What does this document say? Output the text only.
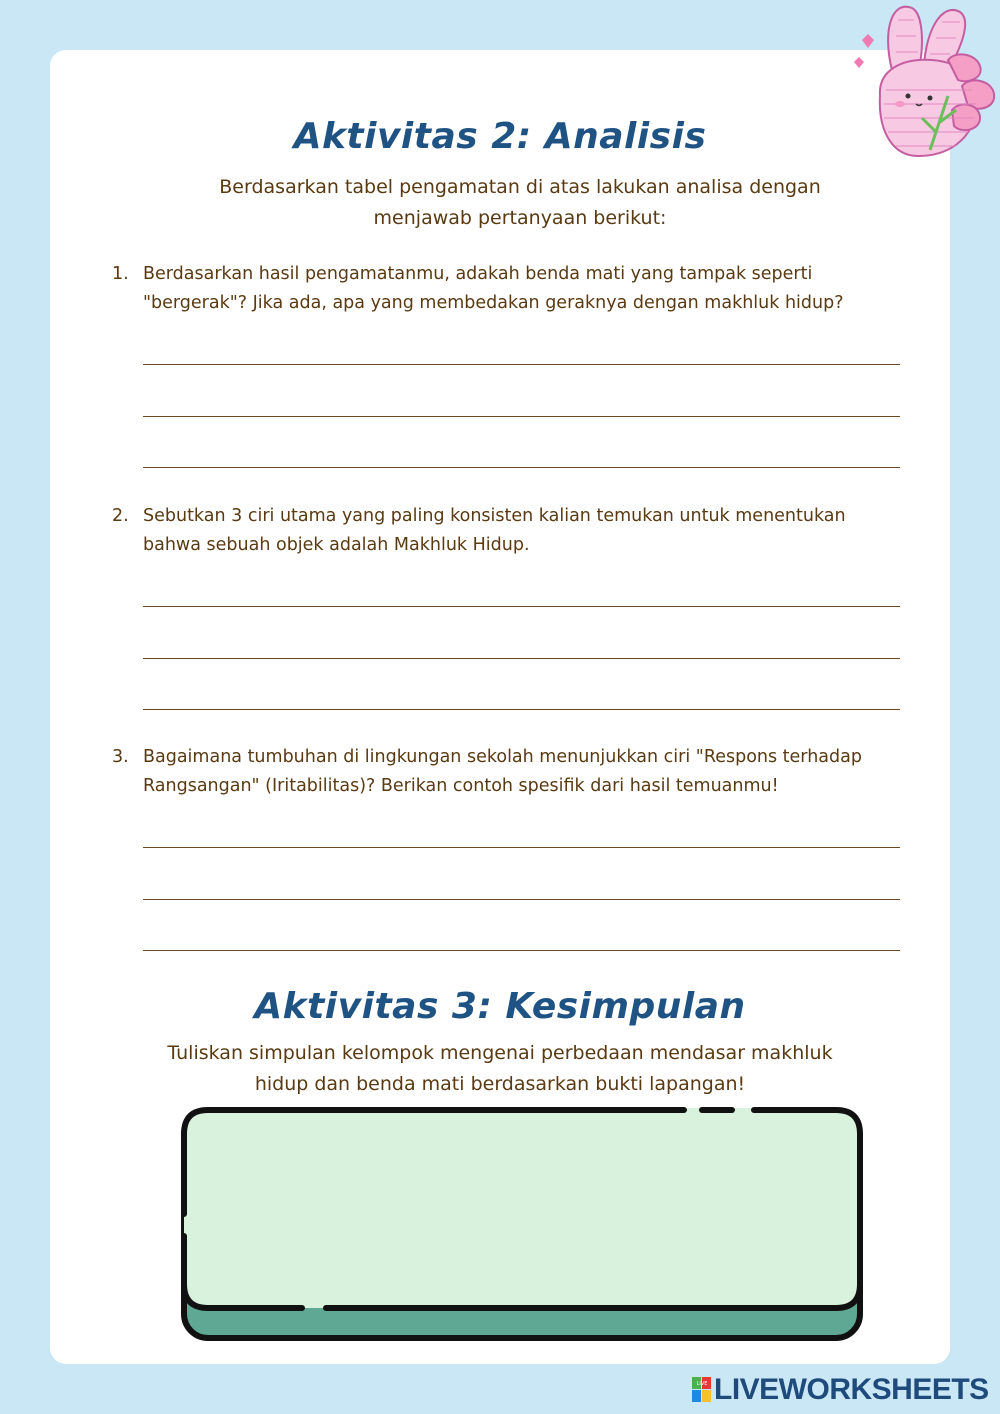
Aktivitas 2: Analisis
Berdasarkan tabel pengamatan di atas lakukan analisa dengan
menjawab pertanyaan berikut:
1. Berdasarkan hasil pengamatanmu, adakah benda mati yang tampak seperti
"bergerak"? Jika ada, apa yang membedakan geraknya dengan makhluk hidup?
2. Sebutkan 3 ciri utama yang paling konsisten kalian temukan untuk menentukan
bahwa sebuah objek adalah Makhluk Hidup.
3. Bagaimana tumbuhan di lingkungan sekolah menunjukkan ciri "Respons terhadap
Rangsangan" (Iritabilitas)? Berikan contoh spesifik dari hasil temuanmu!
Aktivitas 3: Kesimpulan
Tuliskan simpulan kelompok mengenai perbedaan mendasar makhluk
hidup dan benda mati berdasarkan bukti lapangan!
LIVE LIVEWORKSHEETS
